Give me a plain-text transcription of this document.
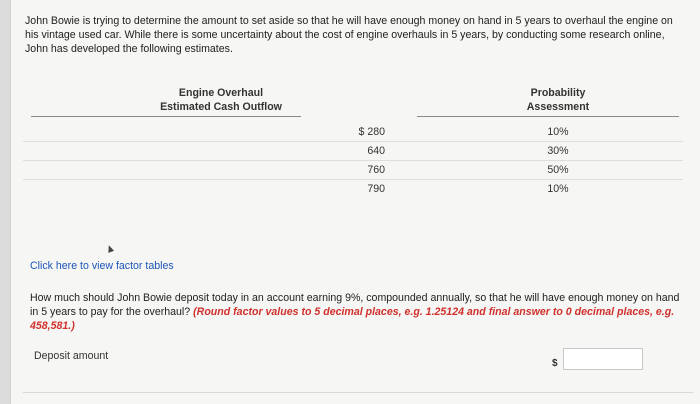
John Bowie is trying to determine the amount to set aside so that he will have enough money on hand in 5 years to overhaul the engine on his vintage used car. While there is some uncertainty about the cost of engine overhauls in 5 years, by conducting some research online, John has developed the following estimates.
Engine Overhaul
Estimated Cash Outflow
Probability
Assessment
$ 280	10%
640	30%
760	50%
790	10%
Click here to view factor tables
How much should John Bowie deposit today in an account earning 9%, compounded annually, so that he will have enough money on hand in 5 years to pay for the overhaul? (Round factor values to 5 decimal places, e.g. 1.25124 and final answer to 0 decimal places, e.g. 458,581.)
Deposit amount
$
